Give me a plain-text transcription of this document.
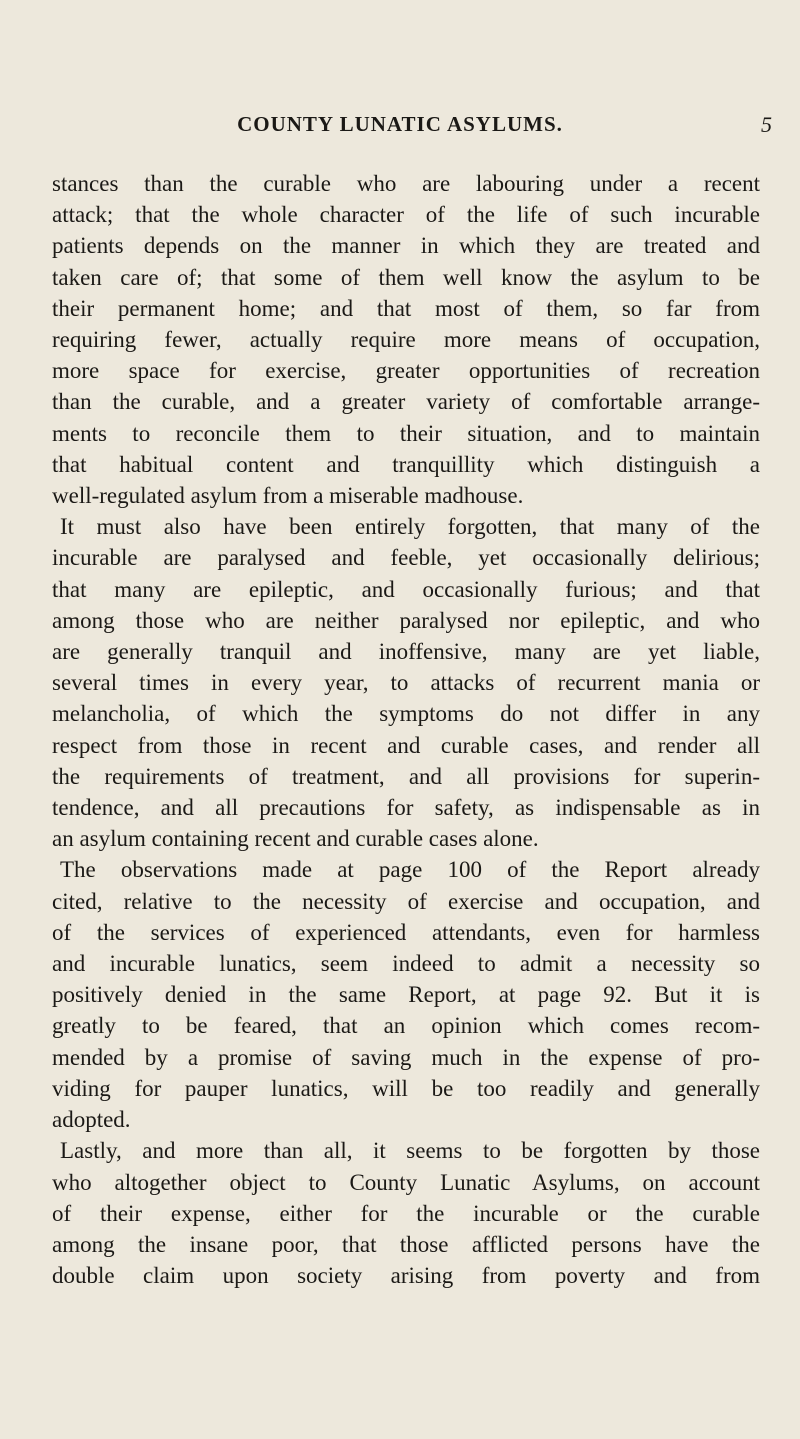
COUNTY LUNATIC ASYLUMS.	5
stances than the curable who are labouring under a recent
attack; that the whole character of the life of such incurable
patients depends on the manner in which they are treated and
taken care of; that some of them well know the asylum to be
their permanent home; and that most of them, so far from
requiring fewer, actually require more means of occupation,
more space for exercise, greater opportunities of recreation
than the curable, and a greater variety of comfortable arrange-
ments to reconcile them to their situation, and to maintain
that habitual content and tranquillity which distinguish a
well-regulated asylum from a miserable madhouse.
It must also have been entirely forgotten, that many of the
incurable are paralysed and feeble, yet occasionally delirious;
that many are epileptic, and occasionally furious; and that
among those who are neither paralysed nor epileptic, and who
are generally tranquil and inoffensive, many are yet liable,
several times in every year, to attacks of recurrent mania or
melancholia, of which the symptoms do not differ in any
respect from those in recent and curable cases, and render all
the requirements of treatment, and all provisions for superin-
tendence, and all precautions for safety, as indispensable as in
an asylum containing recent and curable cases alone.
The observations made at page 100 of the Report already
cited, relative to the necessity of exercise and occupation, and
of the services of experienced attendants, even for harmless
and incurable lunatics, seem indeed to admit a necessity so
positively denied in the same Report, at page 92. But it is
greatly to be feared, that an opinion which comes recom-
mended by a promise of saving much in the expense of pro-
viding for pauper lunatics, will be too readily and generally
adopted.
Lastly, and more than all, it seems to be forgotten by those
who altogether object to County Lunatic Asylums, on account
of their expense, either for the incurable or the curable
among the insane poor, that those afflicted persons have the
double claim upon society arising from poverty and from
